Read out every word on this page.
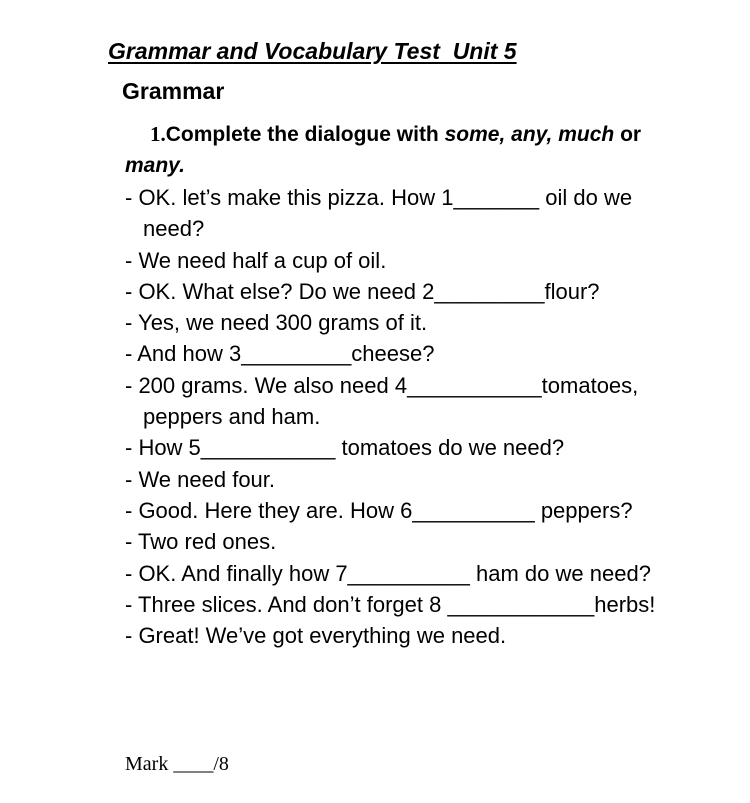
Grammar and Vocabulary Test  Unit 5
Grammar

1.Complete the dialogue with some, any, much or many.

- OK. let’s make this pizza. How 1_______ oil do we need?
- We need half a cup of oil.
- OK. What else? Do we need 2_________flour?
- Yes, we need 300 grams of it.
- And how 3_________cheese?
- 200 grams. We also need 4___________tomatoes, peppers and ham.
- How 5___________ tomatoes do we need?
- We need four.
- Good. Here they are. How 6__________ peppers?
- Two red ones.
- OK. And finally how 7__________ ham do we need?
- Three slices. And don’t forget 8 ____________herbs!
- Great! We’ve got everything we need.

Mark ____/8
